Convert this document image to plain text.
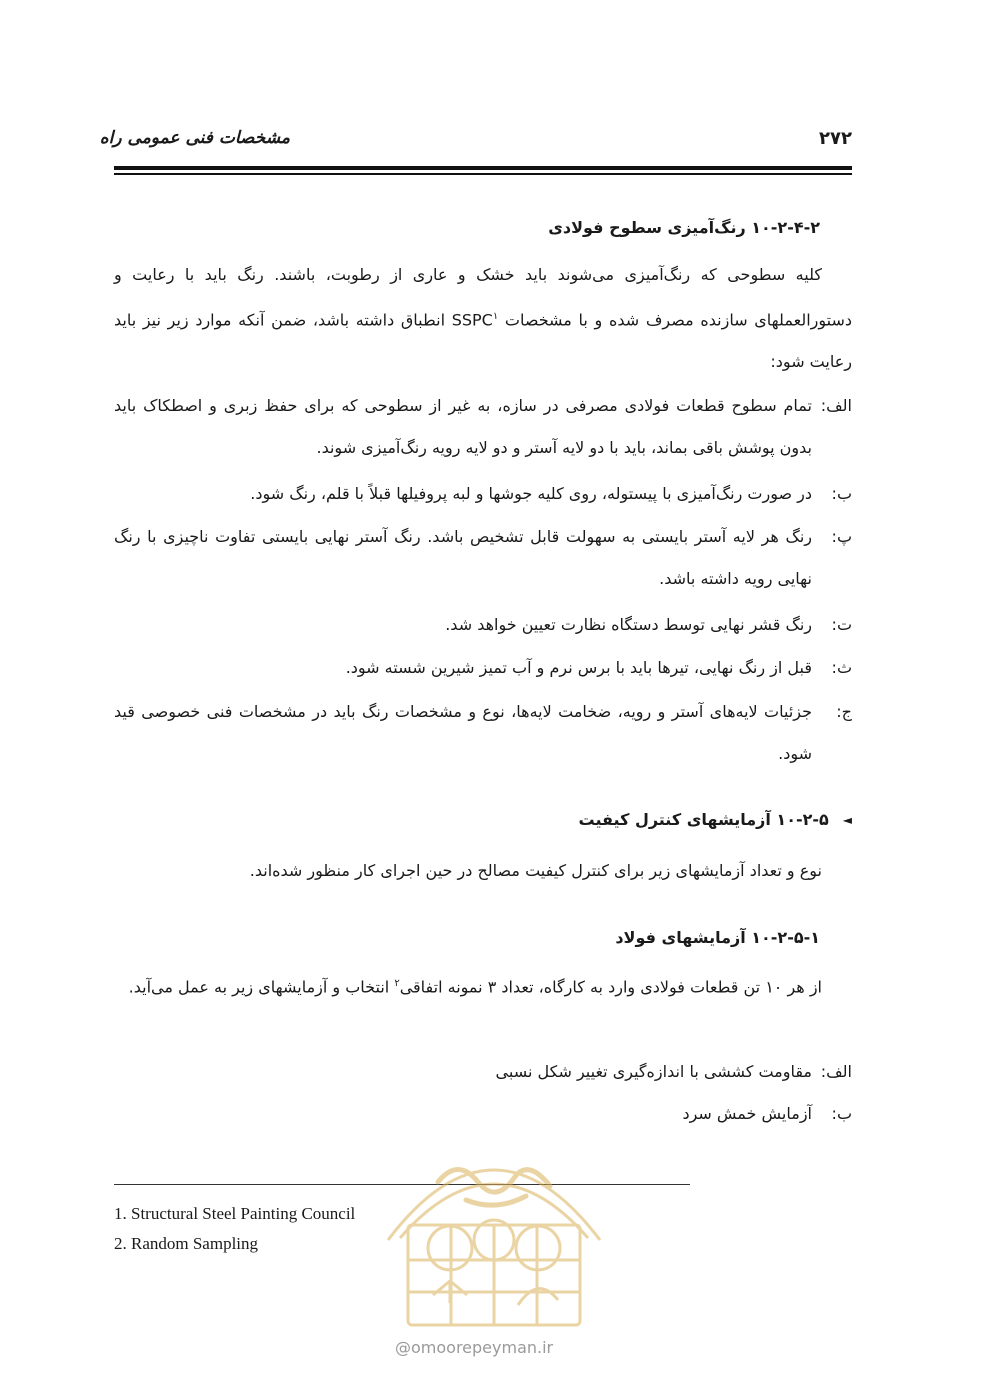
مشخصات فنی عمومی راه	۲۷۲
۱۰-۲-۴-۲ رنگ‌آمیزی سطوح فولادی
کلیه سطوحی که رنگ‌آمیزی می‌شوند باید خشک و عاری از رطوبت، باشند. رنگ باید با رعایت و دستورالعملهای سازنده مصرف شده و با مشخصات SSPC$^۱$ انطباق داشته باشد، ضمن آنکه موارد زیر نیز باید رعایت شود:
الف:
تمام سطوح قطعات فولادی مصرفی در سازه، به غیر از سطوحی که برای حفظ زبری و اصطکاک باید بدون پوشش باقی بماند، باید با دو لایه آستر و دو لایه رویه رنگ‌آمیزی شوند.
ب:
در صورت رنگ‌آمیزی با پیستوله، روی کلیه جوشها و لبه پروفیلها قبلاً با قلم، رنگ شود.
پ:
رنگ هر لایه آستر بایستی به سهولت قابل تشخیص باشد. رنگ آستر نهایی بایستی تفاوت ناچیزی با رنگ نهایی رویه داشته باشد.
ت:
رنگ قشر نهایی توسط دستگاه نظارت تعیین خواهد شد.
ث:
قبل از رنگ نهایی، تیرها باید با برس نرم و آب تمیز شیرین شسته شود.
ج:
جزئیات لایه‌های آستر و رویه، ضخامت لایه‌ها، نوع و مشخصات رنگ باید در مشخصات فنی خصوصی قید شود.
◄۱۰-۲-۵ آزمایشهای کنترل کیفیت
نوع و تعداد آزمایشهای زیر برای کنترل کیفیت مصالح در حین اجرای کار منظور شده‌اند.
۱۰-۲-۵-۱ آزمایشهای فولاد
از هر ۱۰ تن قطعات فولادی وارد به کارگاه، تعداد ۳ نمونه اتفاقی$^۲$ انتخاب و آزمایشهای زیر به عمل می‌آید.
الف:
مقاومت کششی با اندازه‌گیری تغییر شکل نسبی
ب:
آزمایش خمش سرد
1. Structural Steel Painting Council
2. Random Sampling
@omoorepeyman.ir
